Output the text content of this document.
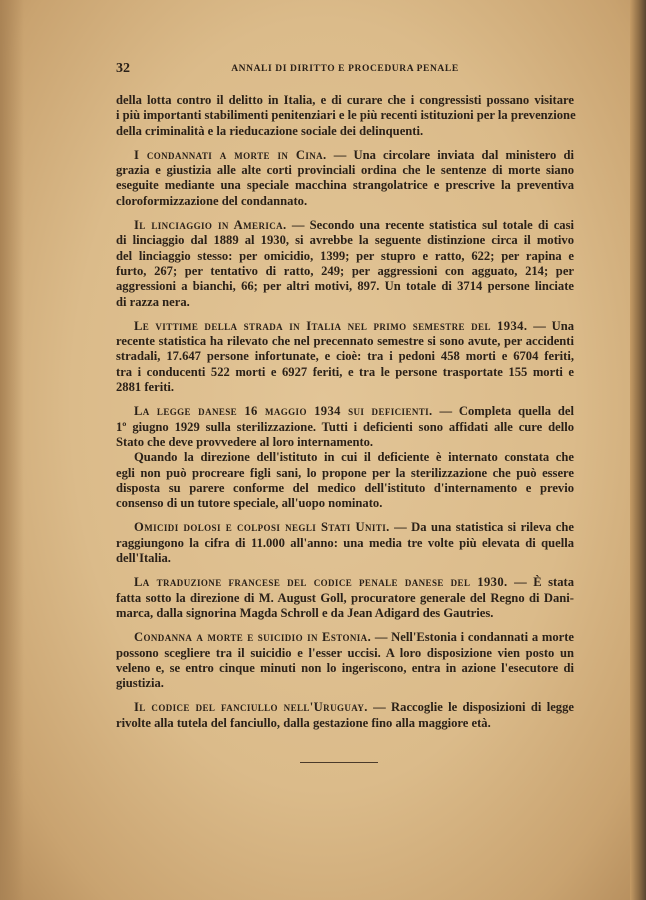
32	ANNALI DI DIRITTO E PROCEDURA PENALE
della lotta contro il delitto in Italia, e di curare che i congressisti possano visitare
i più importanti stabilimenti penitenziari e le più recenti istituzioni per la prevenzione
della criminalità e la rieducazione sociale dei delinquenti.
I condannati a morte in Cina. — Una circolare inviata dal ministero di
grazia e giustizia alle alte corti provinciali ordina che le sentenze di morte siano
eseguite mediante una speciale macchina strangolatrice e prescrive la preventiva
cloroformizzazione del condannato.
Il linciaggio in America. — Secondo una recente statistica sul totale di casi
di linciaggio dal 1889 al 1930, si avrebbe la seguente distinzione circa il motivo
del linciaggio stesso: per omicidio, 1399; per stupro e ratto, 622; per rapina e
furto, 267; per tentativo di ratto, 249; per aggressioni con agguato, 214; per
aggressioni a bianchi, 66; per altri motivi, 897. Un totale di 3714 persone linciate
di razza nera.
Le vittime della strada in Italia nel primo semestre del 1934. — Una
recente statistica ha rilevato che nel precennato semestre si sono avute, per accidenti
stradali, 17.647 persone infortunate, e cioè: tra i pedoni 458 morti e 6704 feriti,
tra i conducenti 522 morti e 6927 feriti, e tra le persone trasportate 155 morti e
2881 feriti.
La legge danese 16 maggio 1934 sui deficienti. — Completa quella del
1º giugno 1929 sulla sterilizzazione. Tutti i deficienti sono affidati alle cure dello
Stato che deve provvedere al loro internamento.
Quando la direzione dell'istituto in cui il deficiente è internato constata che
egli non può procreare figli sani, lo propone per la sterilizzazione che può essere
disposta su parere conforme del medico dell'istituto d'internamento e previo
consenso di un tutore speciale, all'uopo nominato.
Omicidi dolosi e colposi negli Stati Uniti. — Da una statistica si rileva che
raggiungono la cifra di 11.000 all'anno: una media tre volte più elevata di quella
dell'Italia.
La traduzione francese del codice penale danese del 1930. — È stata
fatta sotto la direzione di M. August Goll, procuratore generale del Regno di Dani-
marca, dalla signorina Magda Schroll e da Jean Adigard des Gautries.
Condanna a morte e suicidio in Estonia. — Nell'Estonia i condannati a morte
possono scegliere tra il suicidio e l'esser uccisi. A loro disposizione vien posto un
veleno e, se entro cinque minuti non lo ingeriscono, entra in azione l'esecutore di
giustizia.
Il codice del fanciullo nell'Uruguay. — Raccoglie le disposizioni di legge
rivolte alla tutela del fanciullo, dalla gestazione fino alla maggiore età.
